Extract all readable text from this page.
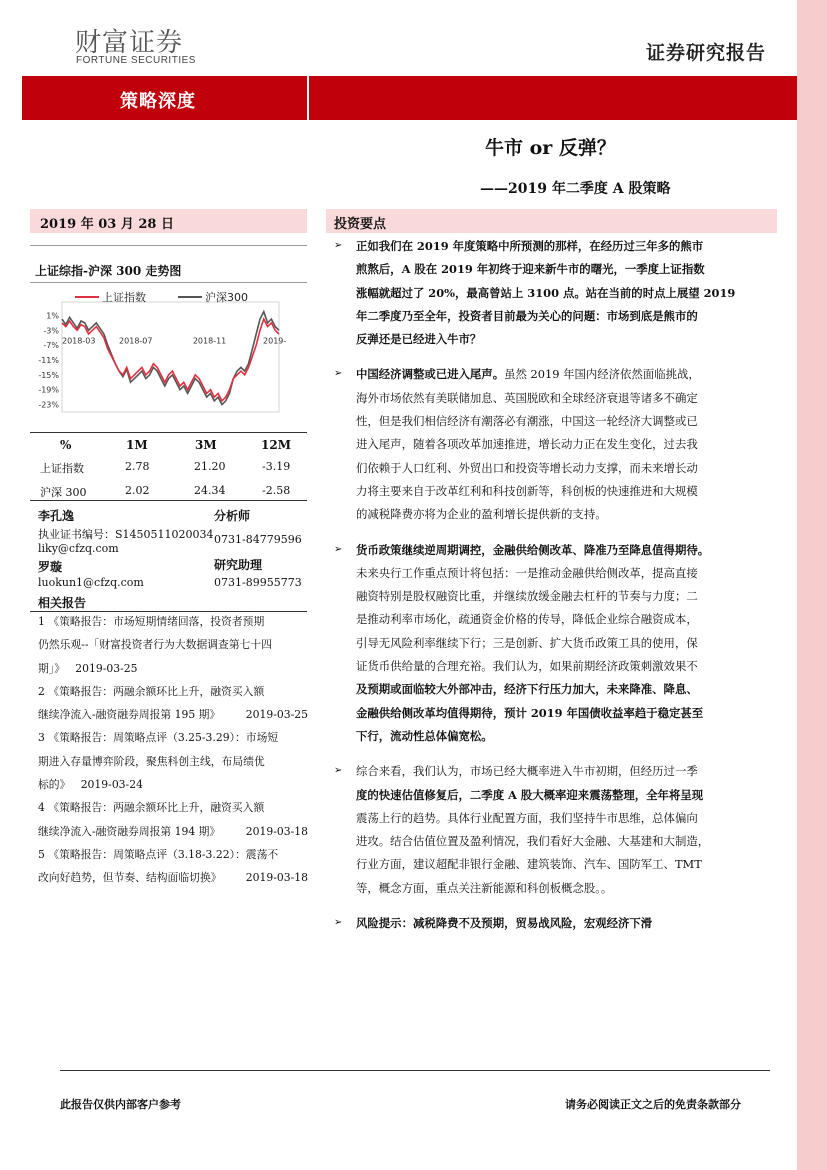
财富证券
FORTUNE SECURITIES	证券研究报告
策略深度
牛市 or 反弹？
——2019 年二季度 A 股策略
2019 年 03 月 28 日
上证综指-沪深 300 走势图
1%
-3%
-7%
-11%
-15%
-19%
-23%
2018-03	2018-07	2018-11	2019-
上证指数	沪深300
%	1M	3M	12M
上证指数	2.78	21.20	-3.19
沪深 300	2.02	24.34	-2.58
李孔逸	分析师
执业证书编号：S1450511020034
liky@cfzq.com
0731-84779596
罗璇	研究助理
luokun1@cfzq.com	0731-89955773
相关报告
1 《策略报告：市场短期情绪回落，投资者预期
仍然乐观--「财富投资者行为大数据调查第七十四
期」》 2019-03-25
2 《策略报告：两融余额环比上升，融资买入额
继续净流入-融资融券周报第 195 期》 2019-03-25
3 《策略报告：周策略点评（3.25-3.29）：市场短
期进入存量博弈阶段，聚焦科创主线，布局绩优
标的》 2019-03-24
4 《策略报告：两融余额环比上升，融资买入额
继续净流入-融资融券周报第 194 期》 2019-03-18
5 《策略报告：周策略点评（3.18-3.22）：震荡不
改向好趋势，但节奏、结构面临切换》 2019-03-18
投资要点
➢ 正如我们在 2019 年度策略中所预测的那样，在经历过三年多的熊市
煎熬后，A 股在 2019 年初终于迎来新牛市的曙光，一季度上证指数
涨幅就超过了 20%，最高曾站上 3100 点。站在当前的时点上展望 2019
年二季度乃至全年，投资者目前最为关心的问题：市场到底是熊市的
反弹还是已经进入牛市？
➢ 中国经济调整或已进入尾声。虽然 2019 年国内经济依然面临挑战，
海外市场依然有美联储加息、英国脱欧和全球经济衰退等诸多不确定
性，但是我们相信经济有潮落必有潮涨，中国这一轮经济大调整或已
进入尾声，随着各项改革加速推进，增长动力正在发生变化，过去我
们依赖于人口红利、外贸出口和投资等增长动力支撑，而未来增长动
力将主要来自于改革红利和科技创新等，科创板的快速推进和大规模
的减税降费亦将为企业的盈利增长提供新的支持。
➢ 货币政策继续逆周期调控，金融供给侧改革、降准乃至降息值得期待。
未来央行工作重点预计将包括：一是推动金融供给侧改革，提高直接
融资特别是股权融资比重，并继续放缓金融去杠杆的节奏与力度；二
是推动利率市场化，疏通资金价格的传导，降低企业综合融资成本，
引导无风险利率继续下行；三是创新、扩大货币政策工具的使用，保
证货币供给量的合理充裕。我们认为，如果前期经济政策刺激效果不
及预期或面临较大外部冲击，经济下行压力加大，未来降准、降息、
金融供给侧改革均值得期待，预计 2019 年国债收益率趋于稳定甚至
下行，流动性总体偏宽松。
➢ 综合来看，我们认为，市场已经大概率进入牛市初期，但经历过一季
度的快速估值修复后，二季度 A 股大概率迎来震荡整理，全年将呈现
震荡上行的趋势。具体行业配置方面，我们坚持牛市思维，总体偏向
进攻。结合估值位置及盈利情况，我们看好大金融、大基建和大制造，
行业方面，建议超配非银行金融、建筑装饰、汽车、国防军工、TMT
等，概念方面，重点关注新能源和科创板概念股。。
➢ 风险提示：减税降费不及预期，贸易战风险，宏观经济下滑
此报告仅供内部客户参考	请务必阅读正文之后的免责条款部分
